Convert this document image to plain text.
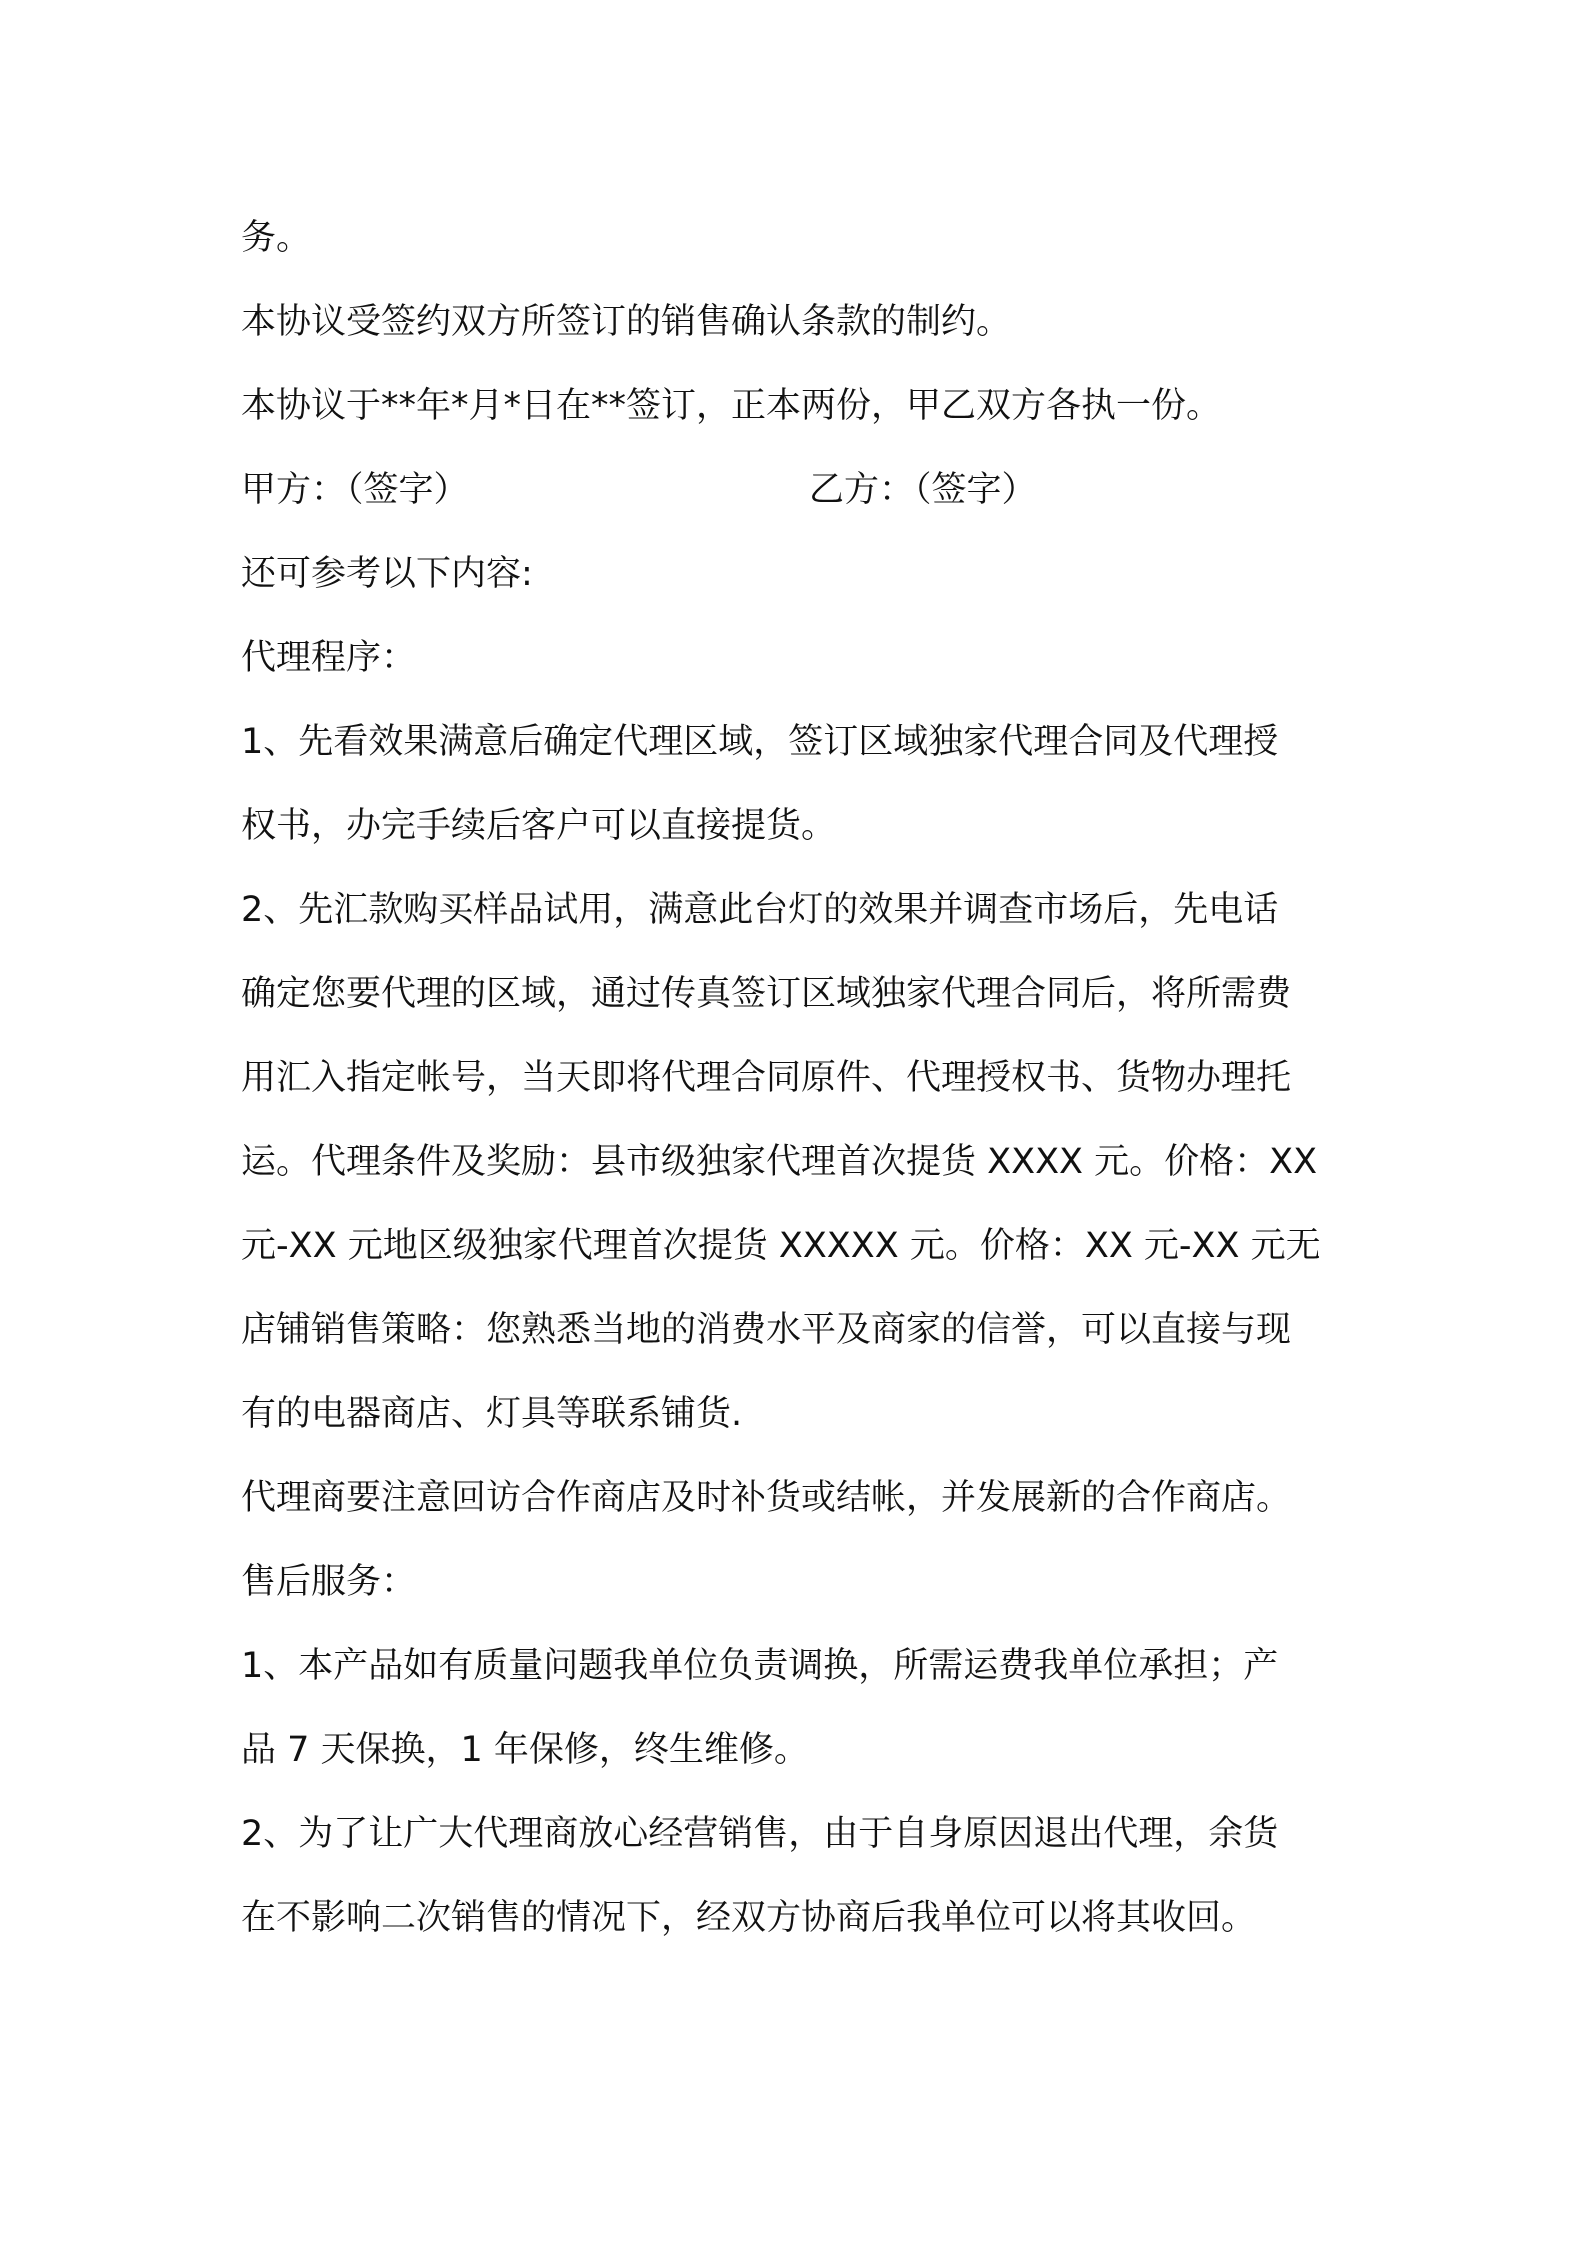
务。
本协议受签约双方所签订的销售确认条款的制约。
本协议于**年*月*日在**签订，正本两份，甲乙双方各执一份。
甲方：（签字）	乙方：（签字）
还可参考以下内容:
代理程序：
1、先看效果满意后确定代理区域，签订区域独家代理合同及代理授
权书，办完手续后客户可以直接提货。
2、先汇款购买样品试用，满意此台灯的效果并调查市场后，先电话
确定您要代理的区域，通过传真签订区域独家代理合同后，将所需费
用汇入指定帐号，当天即将代理合同原件、代理授权书、货物办理托
运。代理条件及奖励：县市级独家代理首次提货 XXXX 元。价格：XX
元-XX 元地区级独家代理首次提货 XXXXX 元。价格：XX 元-XX 元无
店铺销售策略：您熟悉当地的消费水平及商家的信誉，可以直接与现
有的电器商店、灯具等联系铺货.
代理商要注意回访合作商店及时补货或结帐，并发展新的合作商店。
售后服务：
1、本产品如有质量问题我单位负责调换，所需运费我单位承担；产
品 7 天保换，1 年保修，终生维修。
2、为了让广大代理商放心经营销售，由于自身原因退出代理，余货
在不影响二次销售的情况下，经双方协商后我单位可以将其收回。
